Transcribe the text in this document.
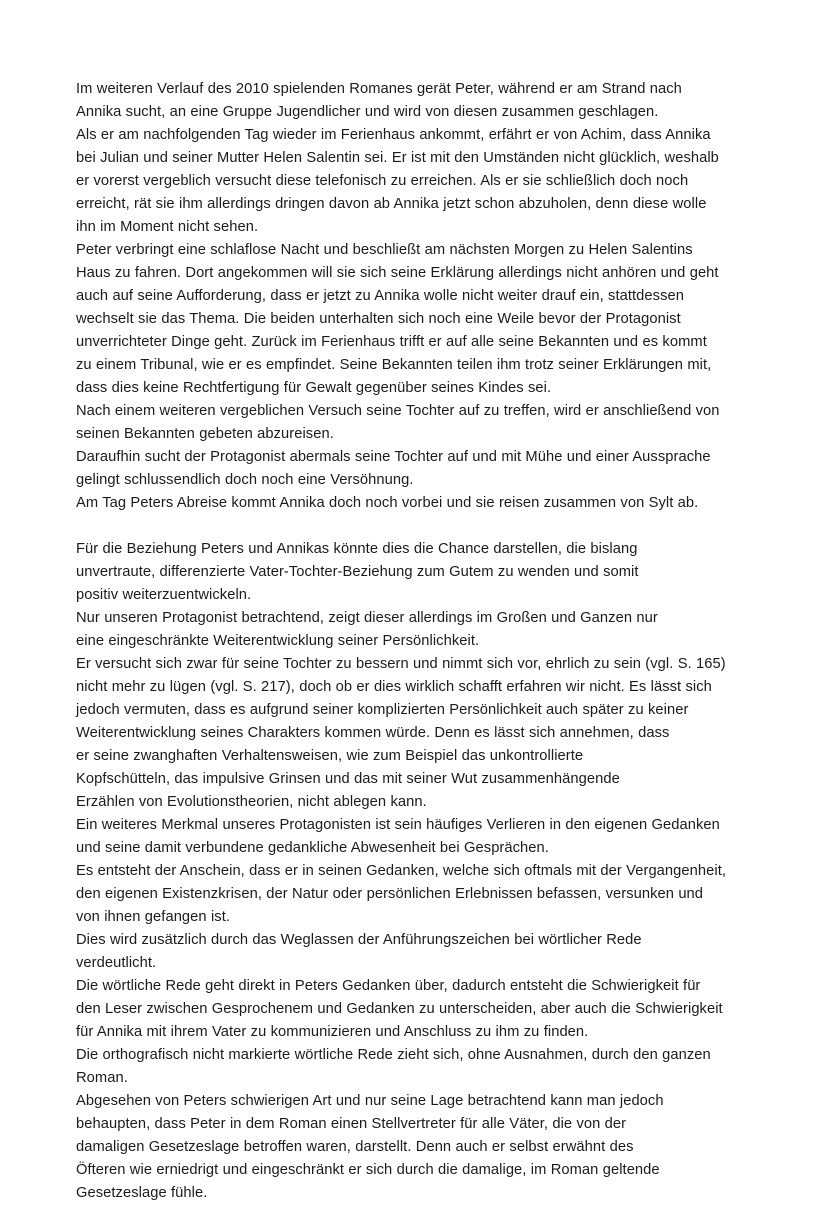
Im weiteren Verlauf des 2010 spielenden Romanes gerät Peter, während er am Strand nach
Annika sucht, an eine Gruppe Jugendlicher und wird von diesen zusammen geschlagen.
Als er am nachfolgenden Tag wieder im Ferienhaus ankommt, erfährt er von Achim, dass Annika
bei Julian und seiner Mutter Helen Salentin sei. Er ist mit den Umständen nicht glücklich, weshalb
er vorerst vergeblich versucht diese telefonisch zu erreichen. Als er sie schließlich doch noch
erreicht, rät sie ihm allerdings dringen davon ab Annika jetzt schon abzuholen, denn diese wolle
ihn im Moment nicht sehen.
Peter verbringt eine schlaflose Nacht und beschließt am nächsten Morgen zu Helen Salentins
Haus zu fahren. Dort angekommen will sie sich seine Erklärung allerdings nicht anhören und geht
auch auf seine Aufforderung, dass er jetzt zu Annika wolle nicht weiter drauf ein, stattdessen
wechselt sie das Thema. Die beiden unterhalten sich noch eine Weile bevor der Protagonist
unverrichteter Dinge geht. Zurück im Ferienhaus trifft er auf alle seine Bekannten und es kommt
zu einem Tribunal, wie er es empfindet. Seine Bekannten teilen ihm trotz seiner Erklärungen mit,
dass dies keine Rechtfertigung für Gewalt gegenüber seines Kindes sei.
Nach einem weiteren vergeblichen Versuch seine Tochter auf zu treffen, wird er anschließend von
seinen Bekannten gebeten abzureisen.
Daraufhin sucht der Protagonist abermals seine Tochter auf und mit Mühe und einer Aussprache
gelingt schlussendlich doch noch eine Versöhnung.
Am Tag Peters Abreise kommt Annika doch noch vorbei und sie reisen zusammen von Sylt ab.
Für die Beziehung Peters und Annikas könnte dies die Chance darstellen, die bislang
unvertraute, differenzierte Vater-Tochter-Beziehung zum Gutem zu wenden und somit
positiv weiterzuentwickeln.
Nur unseren Protagonist betrachtend, zeigt dieser allerdings im Großen und Ganzen nur
eine eingeschränkte Weiterentwicklung seiner Persönlichkeit.
Er versucht sich zwar für seine Tochter zu bessern und nimmt sich vor, ehrlich zu sein (vgl. S. 165)
nicht mehr zu lügen (vgl. S. 217), doch ob er dies wirklich schafft erfahren wir nicht. Es lässt sich
jedoch vermuten, dass es aufgrund seiner komplizierten Persönlichkeit auch später zu keiner
Weiterentwicklung seines Charakters kommen würde. Denn es lässt sich annehmen, dass
er seine zwanghaften Verhaltensweisen, wie zum Beispiel das unkontrollierte
Kopfschütteln, das impulsive Grinsen und das mit seiner Wut zusammenhängende
Erzählen von Evolutionstheorien, nicht ablegen kann.
Ein weiteres Merkmal unseres Protagonisten ist sein häufiges Verlieren in den eigenen Gedanken
und seine damit verbundene gedankliche Abwesenheit bei Gesprächen.
Es entsteht der Anschein, dass er in seinen Gedanken, welche sich oftmals mit der Vergangenheit,
den eigenen Existenzkrisen, der Natur oder persönlichen Erlebnissen befassen, versunken und
von ihnen gefangen ist.
Dies wird zusätzlich durch das Weglassen der Anführungszeichen bei wörtlicher Rede
verdeutlicht.
Die wörtliche Rede geht direkt in Peters Gedanken über, dadurch entsteht die Schwierigkeit für
den Leser zwischen Gesprochenem und Gedanken zu unterscheiden, aber auch die Schwierigkeit
für Annika mit ihrem Vater zu kommunizieren und Anschluss zu ihm zu finden.
Die orthografisch nicht markierte wörtliche Rede zieht sich, ohne Ausnahmen, durch den ganzen
Roman.
Abgesehen von Peters schwierigen Art und nur seine Lage betrachtend kann man jedoch
behaupten, dass Peter in dem Roman einen Stellvertreter für alle Väter, die von der
damaligen Gesetzeslage betroffen waren, darstellt. Denn auch er selbst erwähnt des
Öfteren wie erniedrigt und eingeschränkt er sich durch die damalige, im Roman geltende
Gesetzeslage fühle.
